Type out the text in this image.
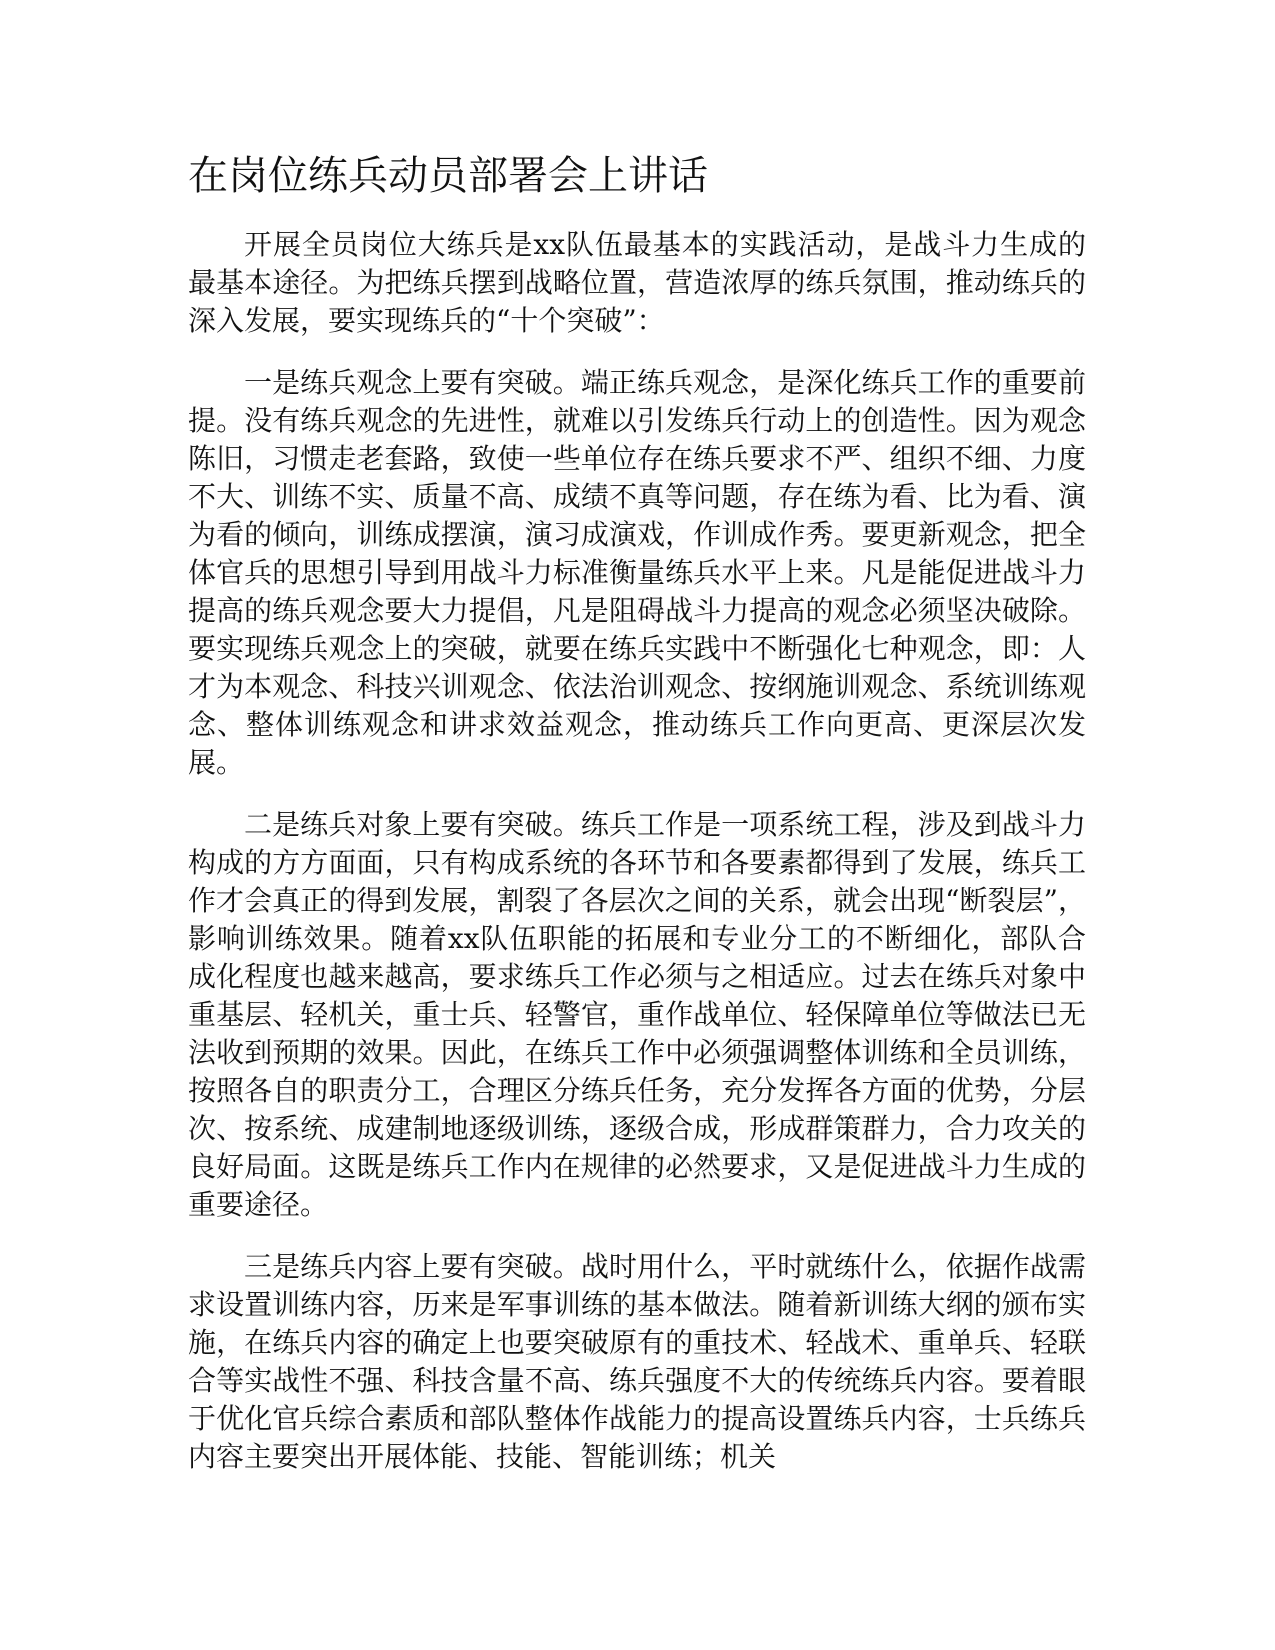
在岗位练兵动员部署会上讲话

开展全员岗位大练兵是xx队伍最基本的实践活动，是战斗力生成的最基本途径。为把练兵摆到战略位置，营造浓厚的练兵氛围，推动练兵的深入发展，要实现练兵的“十个突破”：

一是练兵观念上要有突破。端正练兵观念，是深化练兵工作的重要前提。没有练兵观念的先进性，就难以引发练兵行动上的创造性。因为观念陈旧，习惯走老套路，致使一些单位存在练兵要求不严、组织不细、力度不大、训练不实、质量不高、成绩不真等问题，存在练为看、比为看、演为看的倾向，训练成摆演，演习成演戏，作训成作秀。要更新观念，把全体官兵的思想引导到用战斗力标准衡量练兵水平上来。凡是能促进战斗力提高的练兵观念要大力提倡，凡是阻碍战斗力提高的观念必须坚决破除。要实现练兵观念上的突破，就要在练兵实践中不断强化七种观念，即：人才为本观念、科技兴训观念、依法治训观念、按纲施训观念、系统训练观念、整体训练观念和讲求效益观念，推动练兵工作向更高、更深层次发展。

二是练兵对象上要有突破。练兵工作是一项系统工程，涉及到战斗力构成的方方面面，只有构成系统的各环节和各要素都得到了发展，练兵工作才会真正的得到发展，割裂了各层次之间的关系，就会出现“断裂层”，影响训练效果。随着xx队伍职能的拓展和专业分工的不断细化，部队合成化程度也越来越高，要求练兵工作必须与之相适应。过去在练兵对象中重基层、轻机关，重士兵、轻警官，重作战单位、轻保障单位等做法已无法收到预期的效果。因此，在练兵工作中必须强调整体训练和全员训练，按照各自的职责分工，合理区分练兵任务，充分发挥各方面的优势，分层次、按系统、成建制地逐级训练，逐级合成，形成群策群力，合力攻关的良好局面。这既是练兵工作内在规律的必然要求，又是促进战斗力生成的重要途径。

三是练兵内容上要有突破。战时用什么，平时就练什么，依据作战需求设置训练内容，历来是军事训练的基本做法。随着新训练大纲的颁布实施，在练兵内容的确定上也要突破原有的重技术、轻战术、重单兵、轻联合等实战性不强、科技含量不高、练兵强度不大的传统练兵内容。要着眼于优化官兵综合素质和部队整体作战能力的提高设置练兵内容，士兵练兵内容主要突出开展体能、技能、智能训练；机关
